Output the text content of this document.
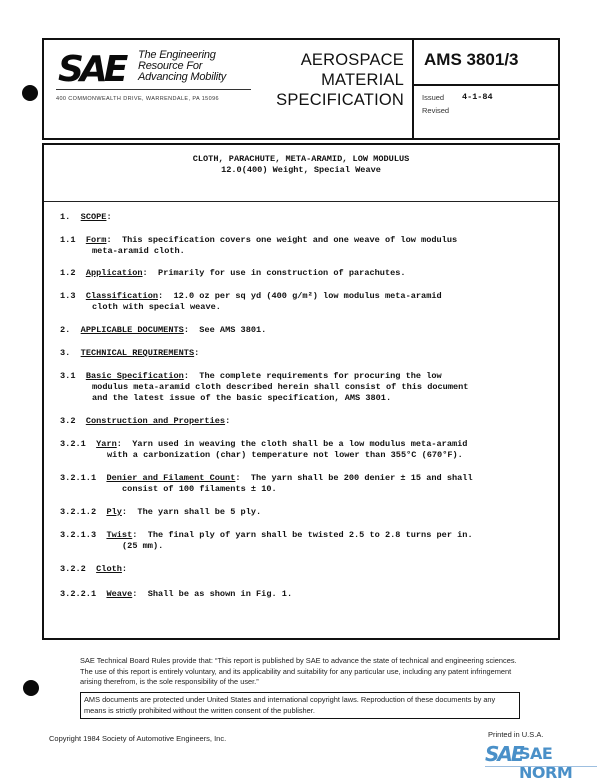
SAE	The Engineering
Resource For
Advancing Mobility
400 COMMONWEALTH DRIVE, WARRENDALE, PA 15096
AEROSPACE
MATERIAL
SPECIFICATION
AMS 3801/3
Issued 4-1-84
Revised
CLOTH, PARACHUTE, META-ARAMID, LOW MODULUS
12.0(400) Weight, Special Weave
1. SCOPE:
1.1 Form:  This specification covers one weight and one weave of low modulus
meta-aramid cloth.
1.2 Application:  Primarily for use in construction of parachutes.
1.3 Classification:  12.0 oz per sq yd (400 g/m²) low modulus meta-aramid
cloth with special weave.
2. APPLICABLE DOCUMENTS:  See AMS 3801.
3. TECHNICAL REQUIREMENTS:
3.1 Basic Specification:  The complete requirements for procuring the low
modulus meta-aramid cloth described herein shall consist of this document
and the latest issue of the basic specification, AMS 3801.
3.2 Construction and Properties:
3.2.1 Yarn:  Yarn used in weaving the cloth shall be a low modulus meta-aramid
with a carbonization (char) temperature not lower than 355°C (670°F).
3.2.1.1 Denier and Filament Count:  The yarn shall be 200 denier ± 15 and shall
consist of 100 filaments ± 10.
3.2.1.2 Ply:  The yarn shall be 5 ply.
3.2.1.3 Twist:  The final ply of yarn shall be twisted 2.5 to 2.8 turns per in.
(25 mm).
3.2.2 Cloth:
3.2.2.1 Weave:  Shall be as shown in Fig. 1.
SAE Technical Board Rules provide that: “This report is published by SAE to advance the state of technical and engineering sciences. The use of this report is entirely voluntary, and its applicability and suitability for any particular use, including any patent infringement arising therefrom, is the sole responsibility of the user.”
AMS documents are protected under United States and international copyright laws. Reproduction of these documents by any means is strictly prohibited without the written consent of the publisher.
Copyright 1984 Society of Automotive Engineers, Inc.	Printed in U.S.A.
SAE
SAE NORM
